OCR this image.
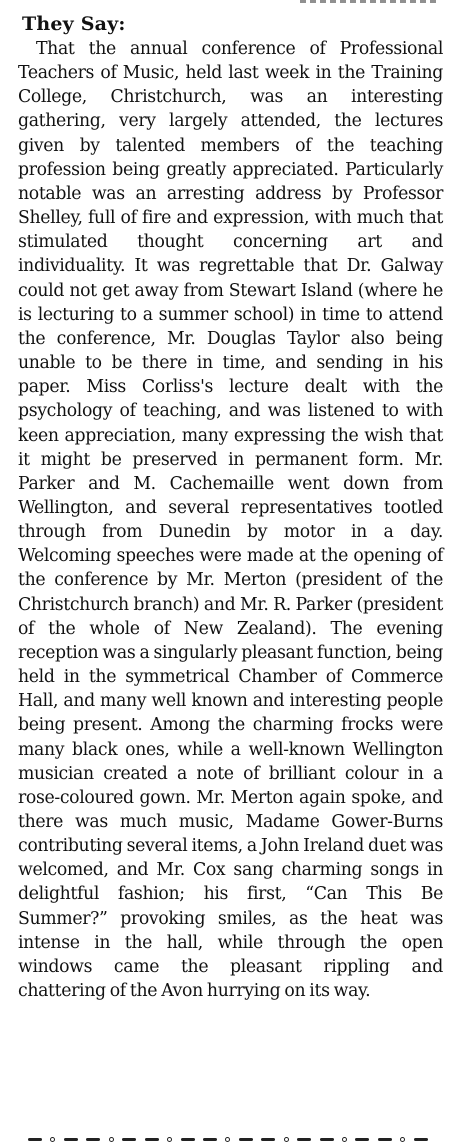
They Say:

That the annual conference of Professional Teachers of Music, held last week in the Training College, Christchurch, was an interesting gathering, very largely attended, the lectures given by talented members of the teaching profession being greatly appreciated. Particularly notable was an arresting address by Professor Shelley, full of fire and expression, with much that stimulated thought concerning art and individuality. It was regrettable that Dr. Galway could not get away from Stewart Island (where he is lecturing to a summer school) in time to attend the conference, Mr. Douglas Taylor also being unable to be there in time, and sending in his paper. Miss Corliss's lecture dealt with the psychology of teaching, and was listened to with keen appreciation, many expressing the wish that it might be preserved in permanent form. Mr. Parker and M. Cachemaille went down from Wellington, and several representatives tootled through from Dunedin by motor in a day. Welcoming speeches were made at the opening of the conference by Mr. Merton (president of the Christchurch branch) and Mr. R. Parker (president of the whole of New Zealand). The evening reception was a singularly pleasant function, being held in the symmetrical Chamber of Commerce Hall, and many well known and interesting people being present. Among the charming frocks were many black ones, while a well-known Wellington musician created a note of brilliant colour in a rose-coloured gown. Mr. Merton again spoke, and there was much music, Madame Gower-Burns contributing several items, a John Ireland duet was welcomed, and Mr. Cox sang charming songs in delightful fashion; his first, “Can This Be Summer?” provoking smiles, as the heat was intense in the hall, while through the open windows came the pleasant rippling and chattering of the Avon hurrying on its way.
